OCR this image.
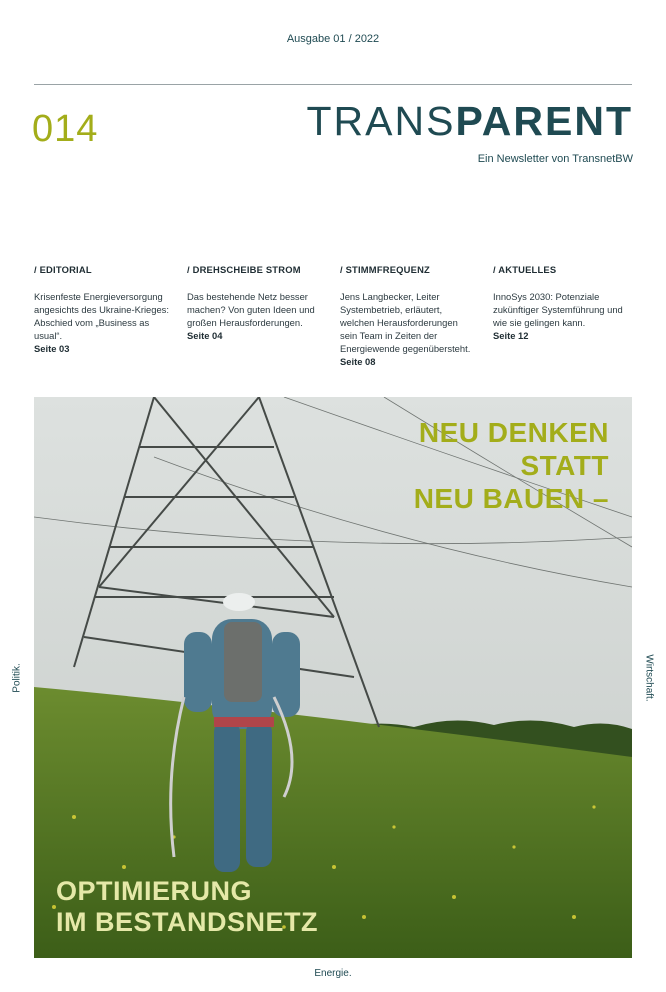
Ausgabe 01 / 2022
014	TRANSPARENT
Ein Newsletter von TransnetBW
/ EDITORIAL
Krisenfeste Energieversorgung angesichts des Ukraine-Krieges: Abschied vom „Business as usual“.
Seite 03
/ DREHSCHEIBE STROM
Das bestehende Netz besser machen? Von guten Ideen und großen Herausforderungen.
Seite 04
/ STIMMFREQUENZ
Jens Langbecker, Leiter Systembetrieb, erläutert, welchen Herausforderungen sein Team in Zeiten der Energiewende gegenübersteht.
Seite 08
/ AKTUELLES
InnoSys 2030: Potenziale zukünftiger Systemführung und wie sie gelingen kann.
Seite 12
NEU DENKEN
STATT
NEU BAUEN –
OPTIMIERUNG
IM BESTANDSNETZ
Politik.	Wirtschaft.
Energie.
